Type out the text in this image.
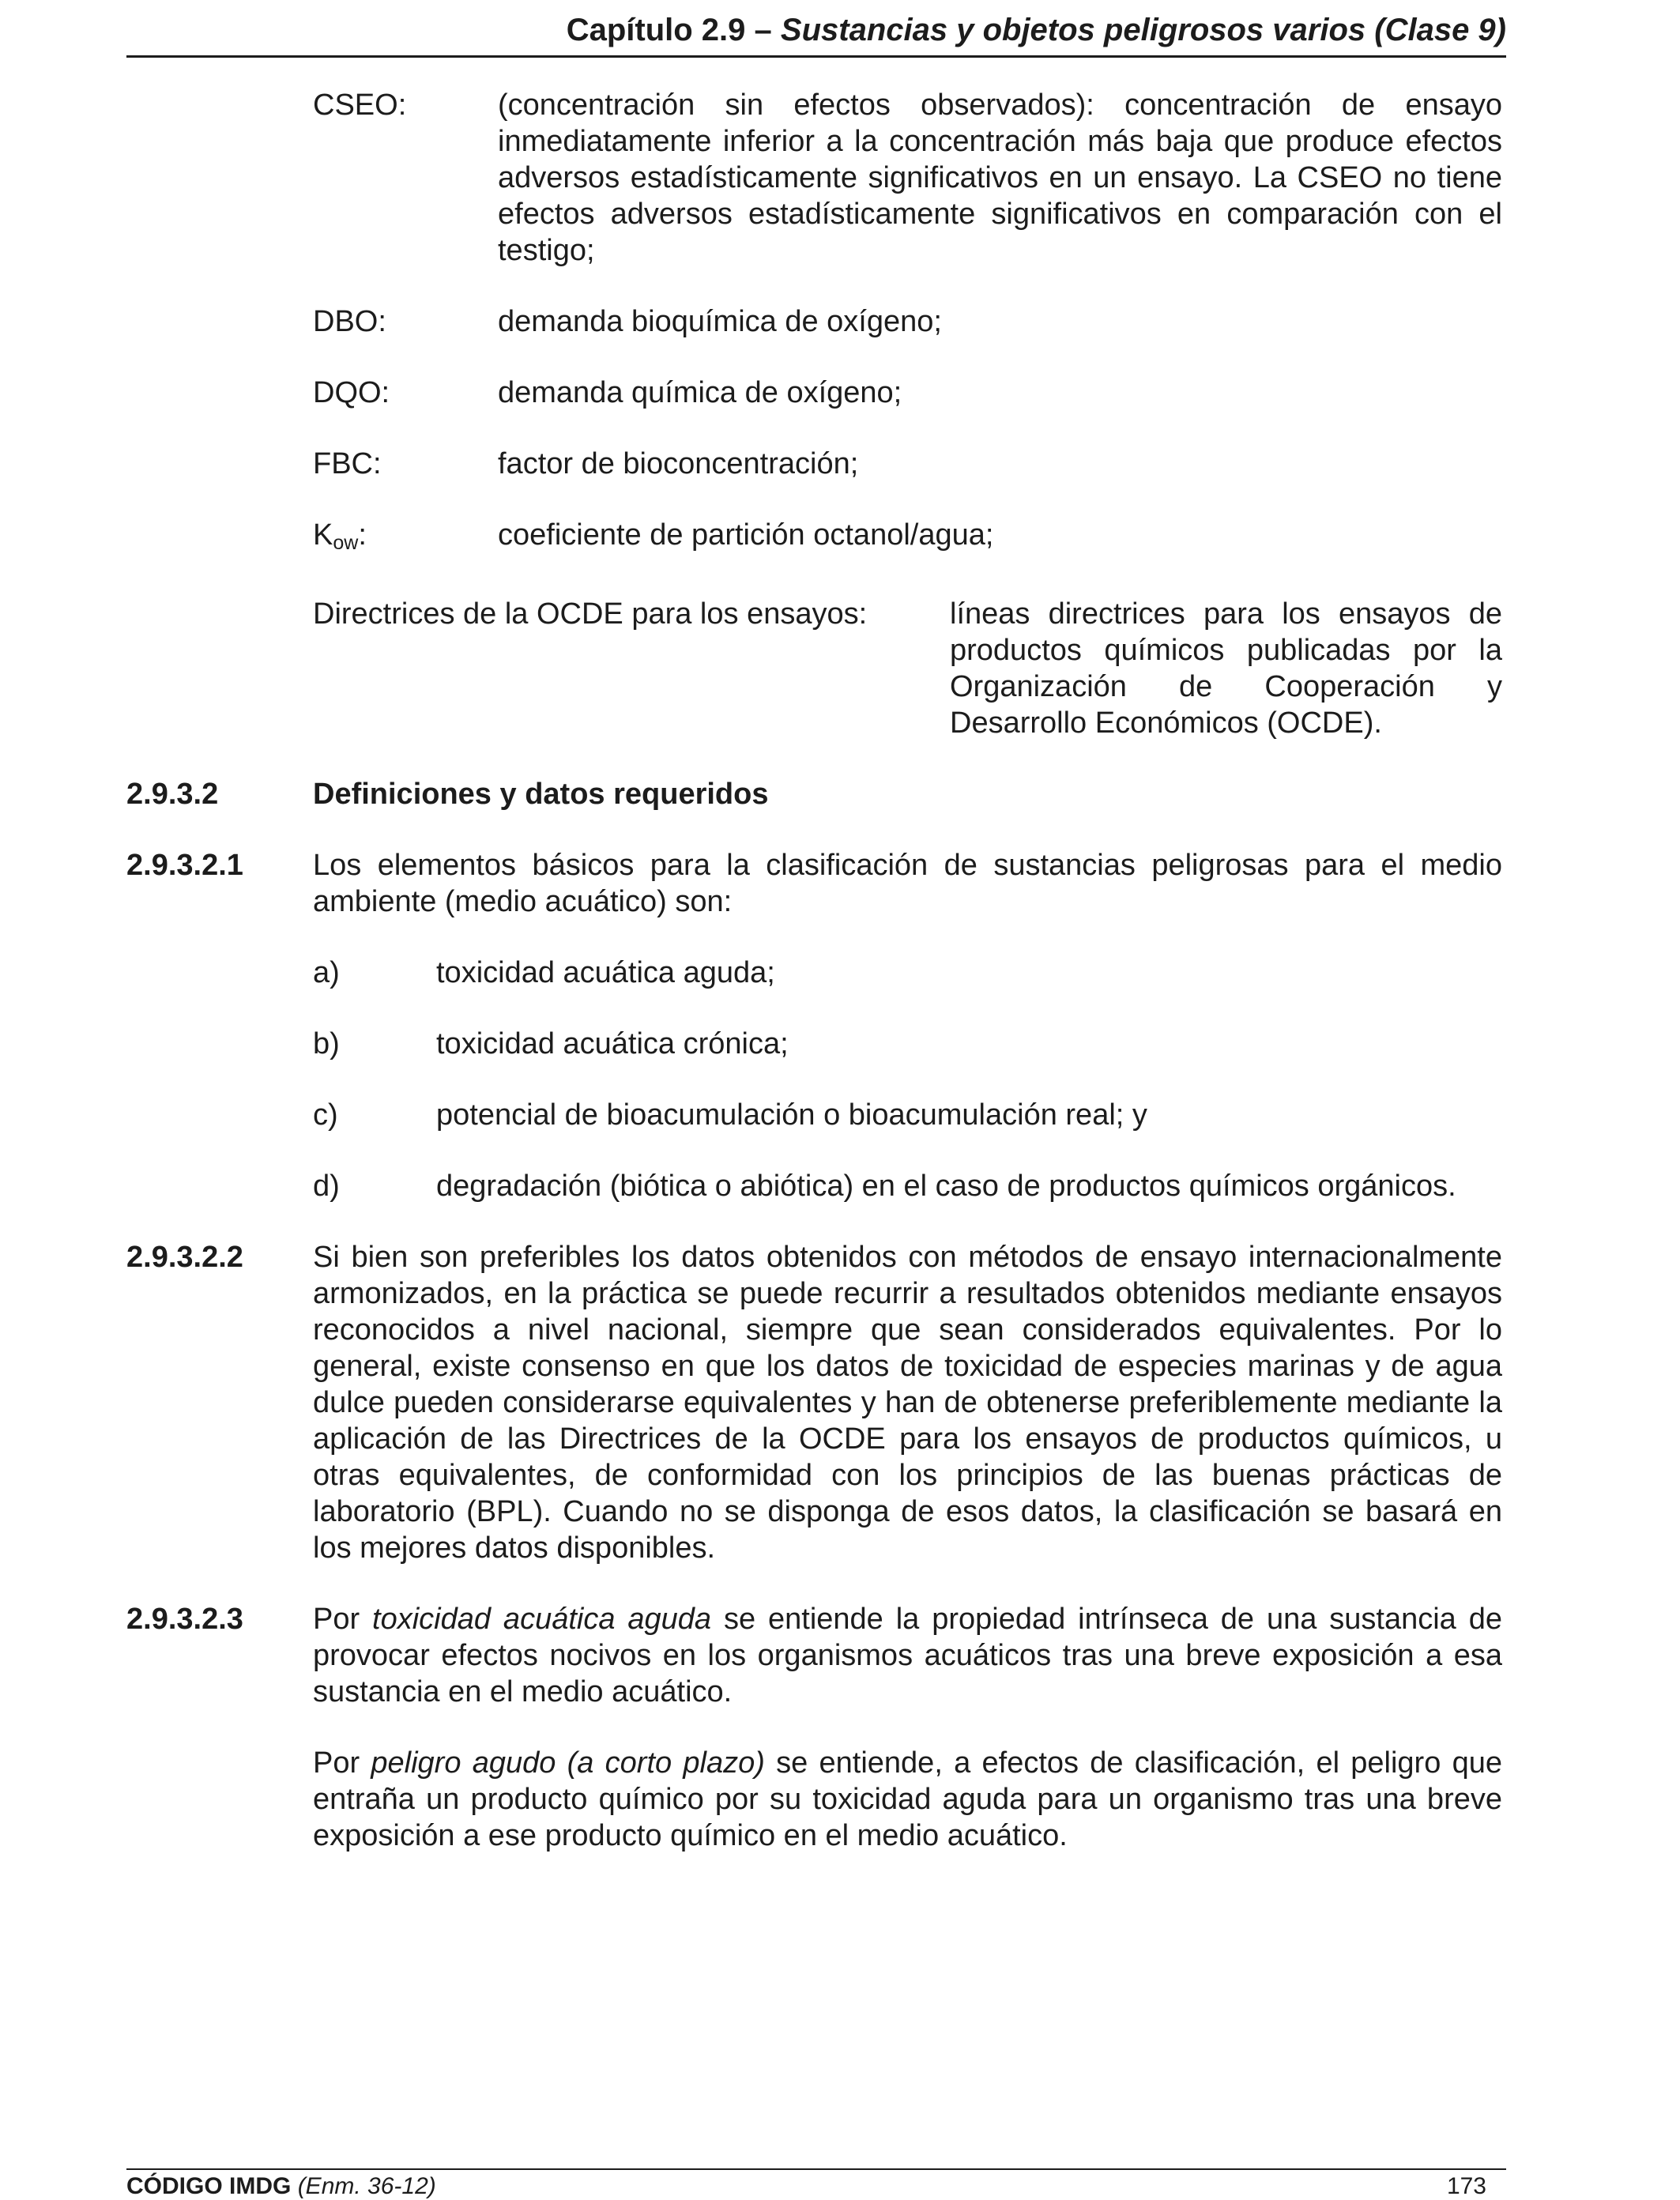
Capítulo 2.9 – Sustancias y objetos peligrosos varios (Clase 9)
CSEO:	(concentración sin efectos observados): concentración de ensayo inmediatamente inferior a la concentración más baja que produce efectos adversos estadísticamente significativos en un ensayo. La CSEO no tiene efectos adversos estadísticamente significativos en comparación con el testigo;
DBO:	demanda bioquímica de oxígeno;
DQO:	demanda química de oxígeno;
FBC:	factor de bioconcentración;
$K_{ow}$:	coeficiente de partición octanol/agua;
Directrices de la OCDE para los ensayos:	líneas directrices para los ensayos de productos químicos publicadas por la Organización de Cooperación y Desarrollo Económicos (OCDE).
2.9.3.2	Definiciones y datos requeridos
2.9.3.2.1	Los elementos básicos para la clasificación de sustancias peligrosas para el medio ambiente (medio acuático) son:
a)	toxicidad acuática aguda;
b)	toxicidad acuática crónica;
c)	potencial de bioacumulación o bioacumulación real; y
d)	degradación (biótica o abiótica) en el caso de productos químicos orgánicos.
2.9.3.2.2	Si bien son preferibles los datos obtenidos con métodos de ensayo internacionalmente armonizados, en la práctica se puede recurrir a resultados obtenidos mediante ensayos reconocidos a nivel nacional, siempre que sean considerados equivalentes. Por lo general, existe consenso en que los datos de toxicidad de especies marinas y de agua dulce pueden considerarse equivalentes y han de obtenerse preferiblemente mediante la aplicación de las Directrices de la OCDE para los ensayos de productos químicos, u otras equivalentes, de conformidad con los principios de las buenas prácticas de laboratorio (BPL). Cuando no se disponga de esos datos, la clasificación se basará en los mejores datos disponibles.
2.9.3.2.3	Por toxicidad acuática aguda se entiende la propiedad intrínseca de una sustancia de provocar efectos nocivos en los organismos acuáticos tras una breve exposición a esa sustancia en el medio acuático.
Por peligro agudo (a corto plazo) se entiende, a efectos de clasificación, el peligro que entraña un producto químico por su toxicidad aguda para un organismo tras una breve exposición a ese producto químico en el medio acuático.
CÓDIGO IMDG (Enm. 36-12)	173
